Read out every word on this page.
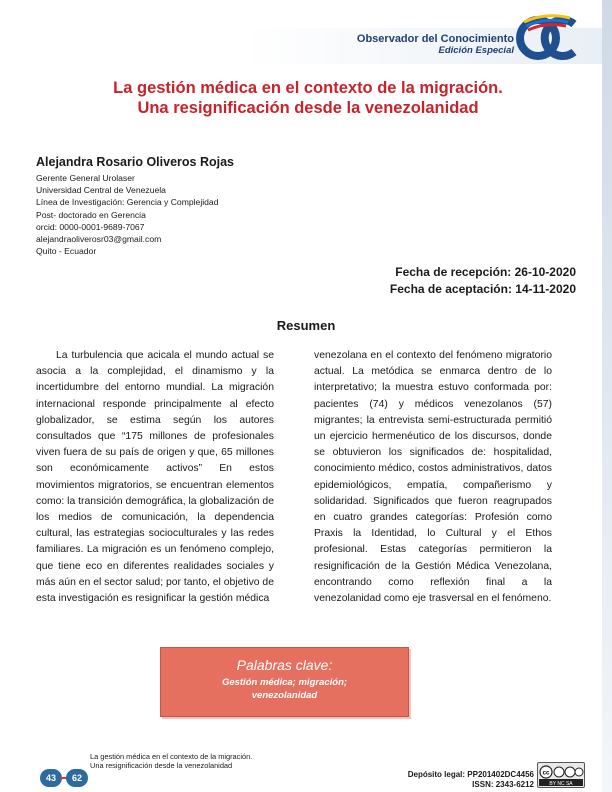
Observador del Conocimiento
Edición Especial
La gestión médica en el contexto de la migración.
Una resignificación desde la venezolanidad
Alejandra Rosario Oliveros Rojas
Gerente General Urolaser
Universidad Central de Venezuela
Línea de Investigación: Gerencia y Complejidad
Post- doctorado en Gerencia
orcid: 0000-0001-9689-7067
alejandraoliverosr03@gmail.com
Quito - Ecuador
Fecha de recepción: 26-10-2020
Fecha de aceptación: 14-11-2020
Resumen
La turbulencia que acicala el mundo actual se asocia a la complejidad, el dinamismo y la incertidumbre del entorno mundial. La migración internacional responde principalmente al efecto globalizador, se estima según los autores consultados que “175 millones de profesionales viven fuera de su país de origen y que, 65 millones son económicamente activos” En estos movimientos migratorios, se encuentran elementos como: la transición demográfica, la globalización de los medios de comunicación, la dependencia cultural, las estrategias socioculturales y las redes familiares. La migración es un fenómeno complejo, que tiene eco en diferentes realidades sociales y más aún en el sector salud; por tanto, el objetivo de esta investigación es resignificar la gestión médica
venezolana en el contexto del fenómeno migratorio actual. La metódica se enmarca dentro de lo interpretativo; la muestra estuvo conformada por: pacientes (74) y médicos venezolanos (57) migrantes; la entrevista semi-estructurada permitió un ejercicio hermenéutico de los discursos, donde se obtuvieron los significados de: hospitalidad, conocimiento médico, costos administrativos, datos epidemiológicos, empatía, compañerismo y solidaridad. Significados que fueron reagrupados en cuatro grandes categorías: Profesión como Praxis la Identidad, lo Cultural y el Ethos profesional. Estas categorías permitieron la resignificación de la Gestión Médica Venezolana, encontrando como reflexión final a la venezolanidad como eje trasversal en el fenómeno.
Palabras clave:
Gestión médica; migración;
venezolanidad
La gestión médica en el contexto de la migración.
Una resignificación desde la venezolanidad
43	62	Depósito legal: PP201402DC4456
ISSN: 2343-6212
cc
BY NC SA
